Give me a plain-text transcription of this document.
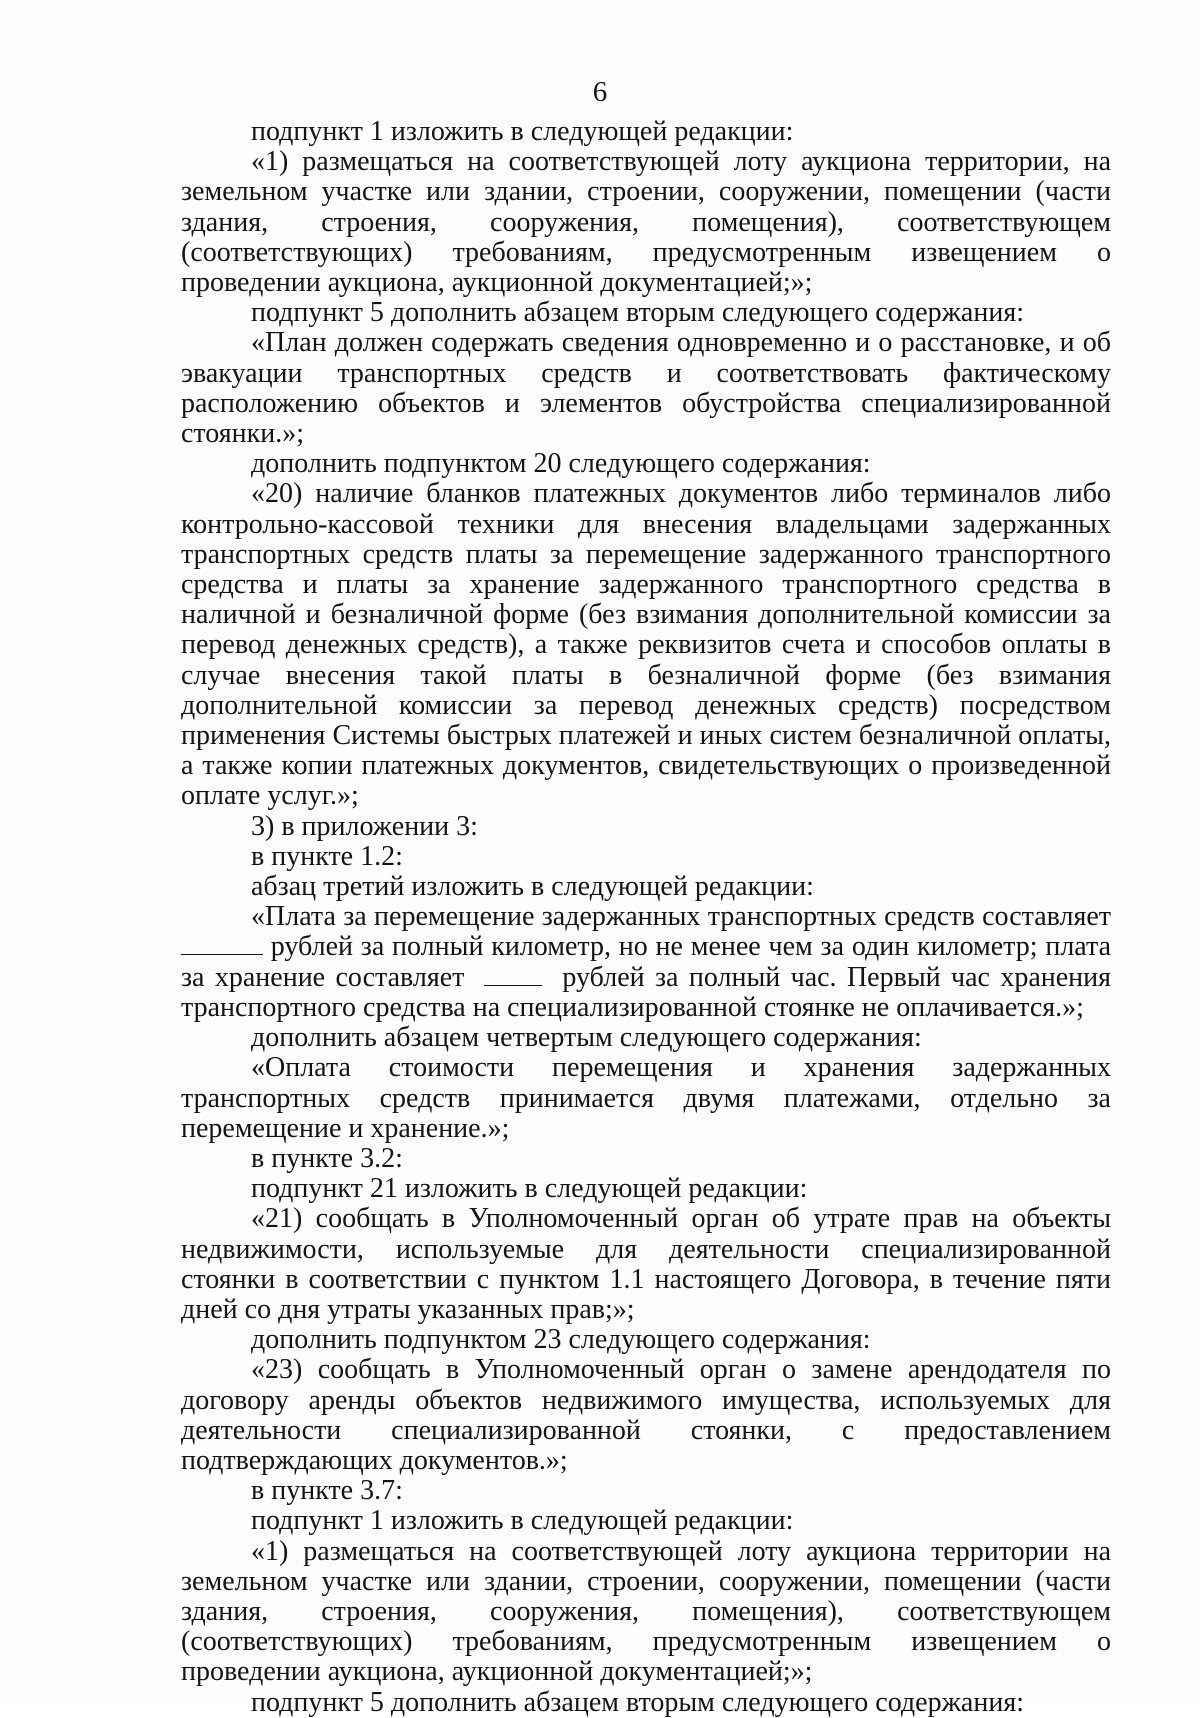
6

подпункт 1 изложить в следующей редакции:

«1) размещаться на соответствующей лоту аукциона территории, на земельном участке или здании, строении, сооружении, помещении (части здания, строения, сооружения, помещения), соответствующем (соответствующих) требованиям, предусмотренным извещением о проведении аукциона, аукционной документацией;»;

подпункт 5 дополнить абзацем вторым следующего содержания:

«План должен содержать сведения одновременно и о расстановке, и об эвакуации транспортных средств и соответствовать фактическому расположению объектов и элементов обустройства специализированной стоянки.»;

дополнить подпунктом 20 следующего содержания:

«20) наличие бланков платежных документов либо терминалов либо контрольно-кассовой техники для внесения владельцами задержанных транспортных средств платы за перемещение задержанного транспортного средства и платы за хранение задержанного транспортного средства в наличной и безналичной форме (без взимания дополнительной комиссии за перевод денежных средств), а также реквизитов счета и способов оплаты в случае внесения такой платы в безналичной форме (без взимания дополнительной комиссии за перевод денежных средств) посредством применения Системы быстрых платежей и иных систем безналичной оплаты, а также копии платежных документов, свидетельствующих о произведенной оплате услуг.»;

3) в приложении 3:

в пункте 1.2:

абзац третий изложить в следующей редакции:

«Плата за перемещение задержанных транспортных средств составляет  рублей за полный километр, но не менее чем за один километр; плата за хранение составляет	рублей за полный час. Первый час хранения транспортного средства на специализированной стоянке не оплачивается.»;

дополнить абзацем четвертым следующего содержания:

«Оплата стоимости перемещения и хранения задержанных транспортных средств принимается двумя платежами, отдельно за перемещение и хранение.»;

в пункте 3.2:

подпункт 21 изложить в следующей редакции:

«21) сообщать в Уполномоченный орган об утрате прав на объекты недвижимости, используемые для деятельности специализированной стоянки в соответствии с пунктом 1.1 настоящего Договора, в течение пяти дней со дня утраты указанных прав;»;

дополнить подпунктом 23 следующего содержания:

«23) сообщать в Уполномоченный орган о замене арендодателя по договору аренды объектов недвижимого имущества, используемых для деятельности специализированной стоянки, с предоставлением подтверждающих документов.»;

в пункте 3.7:

подпункт 1 изложить в следующей редакции:

«1) размещаться на соответствующей лоту аукциона территории на земельном участке или здании, строении, сооружении, помещении (части здания, строения, сооружения, помещения), соответствующем (соответствующих) требованиям, предусмотренным извещением о проведении аукциона, аукционной документацией;»;

подпункт 5 дополнить абзацем вторым следующего содержания:
